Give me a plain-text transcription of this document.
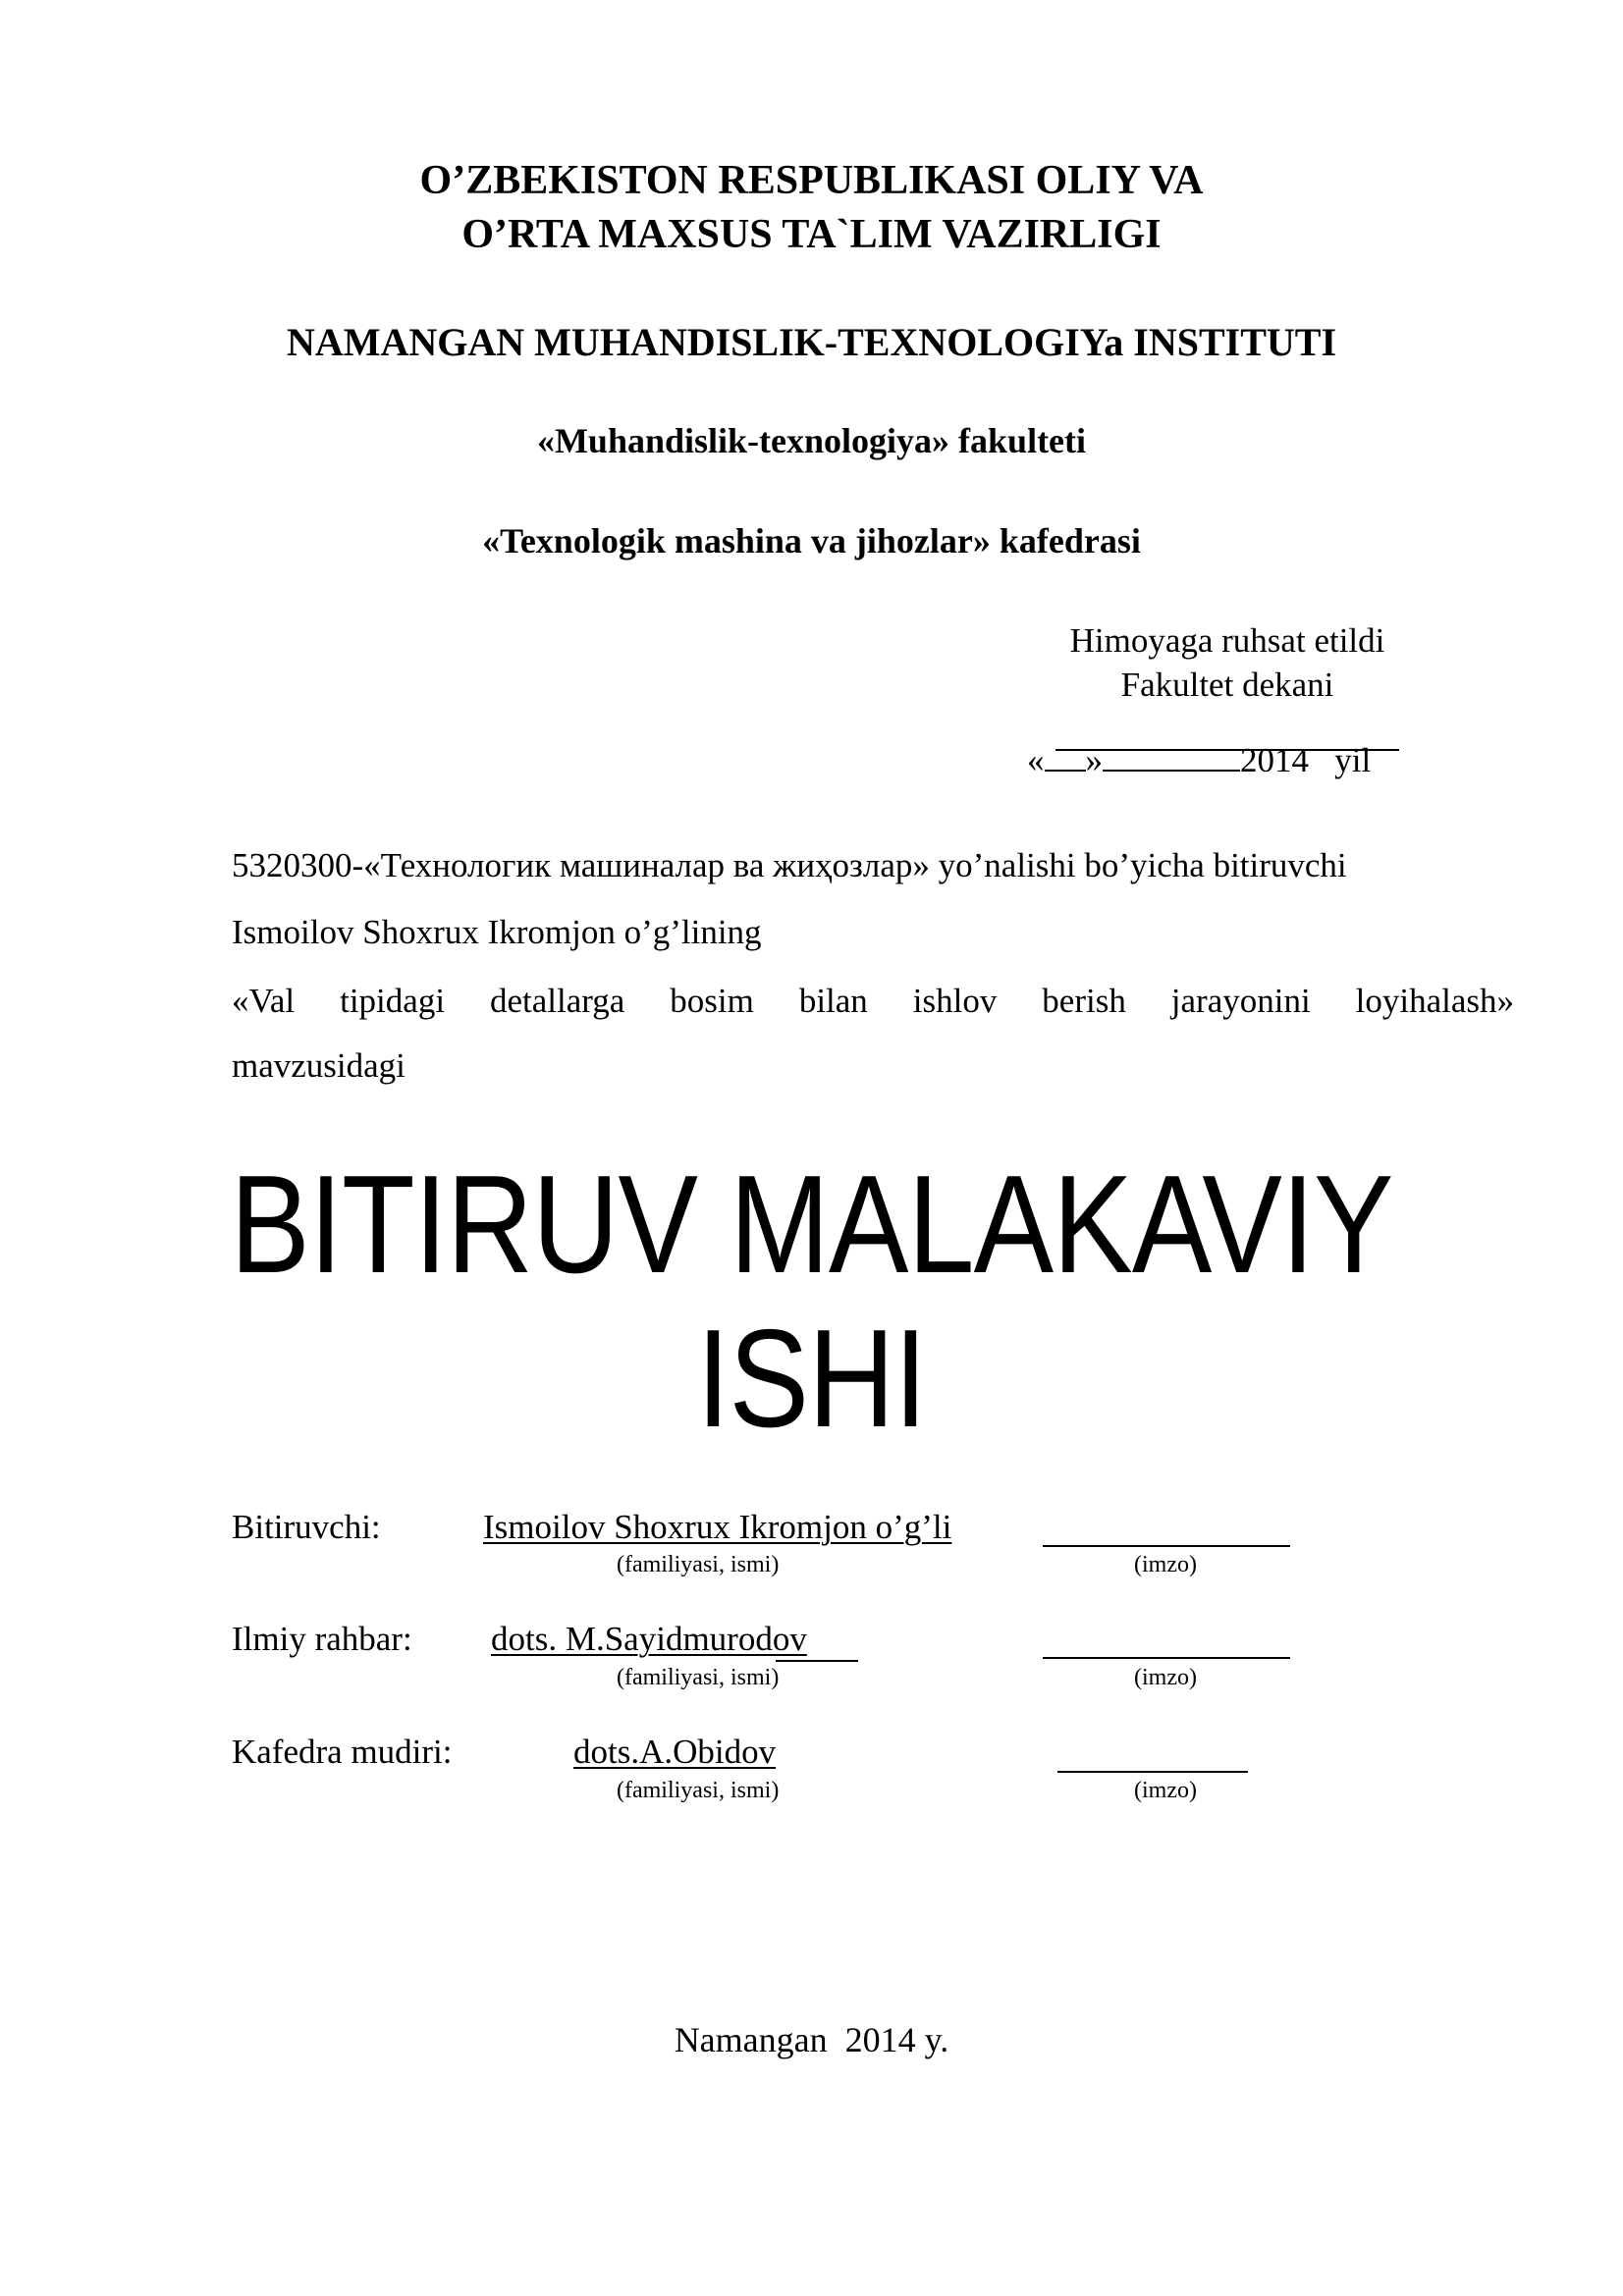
O’ZBEKISTON RESPUBLIKASI OLIY VA
O’RTA MAXSUS TA`LIM VAZIRLIGI
NAMANGAN MUHANDISLIK-TEXNOLOGIYa INSTITUTI
«Muhandislik-texnologiya» fakulteti
«Texnologik mashina va jihozlar» kafedrasi
Himoyaga ruhsat etildi
Fakultet dekani
« »	2014 yil
5320300-«Технологик машиналар ва жиҳозлар» yo’nalishi bo’yicha bitiruvchi
Ismoilov Shoxrux Ikromjon o’g’lining
«Val tipidagi detallarga bosim bilan ishlov berish jarayonini loyihalash»
mavzusidagi
BITIRUV MALAKAVIY
ISHI
Bitiruvchi:	Ismoilov Shoxrux Ikromjon o’g’li
(familiyasi, ismi)	(imzo)
Ilmiy rahbar: dots. M.Sayidmurodov
(familiyasi, ismi)	(imzo)
Kafedra mudiri:	dots.A.Obidov
(familiyasi, ismi)	(imzo)
Namangan  2014 y.
